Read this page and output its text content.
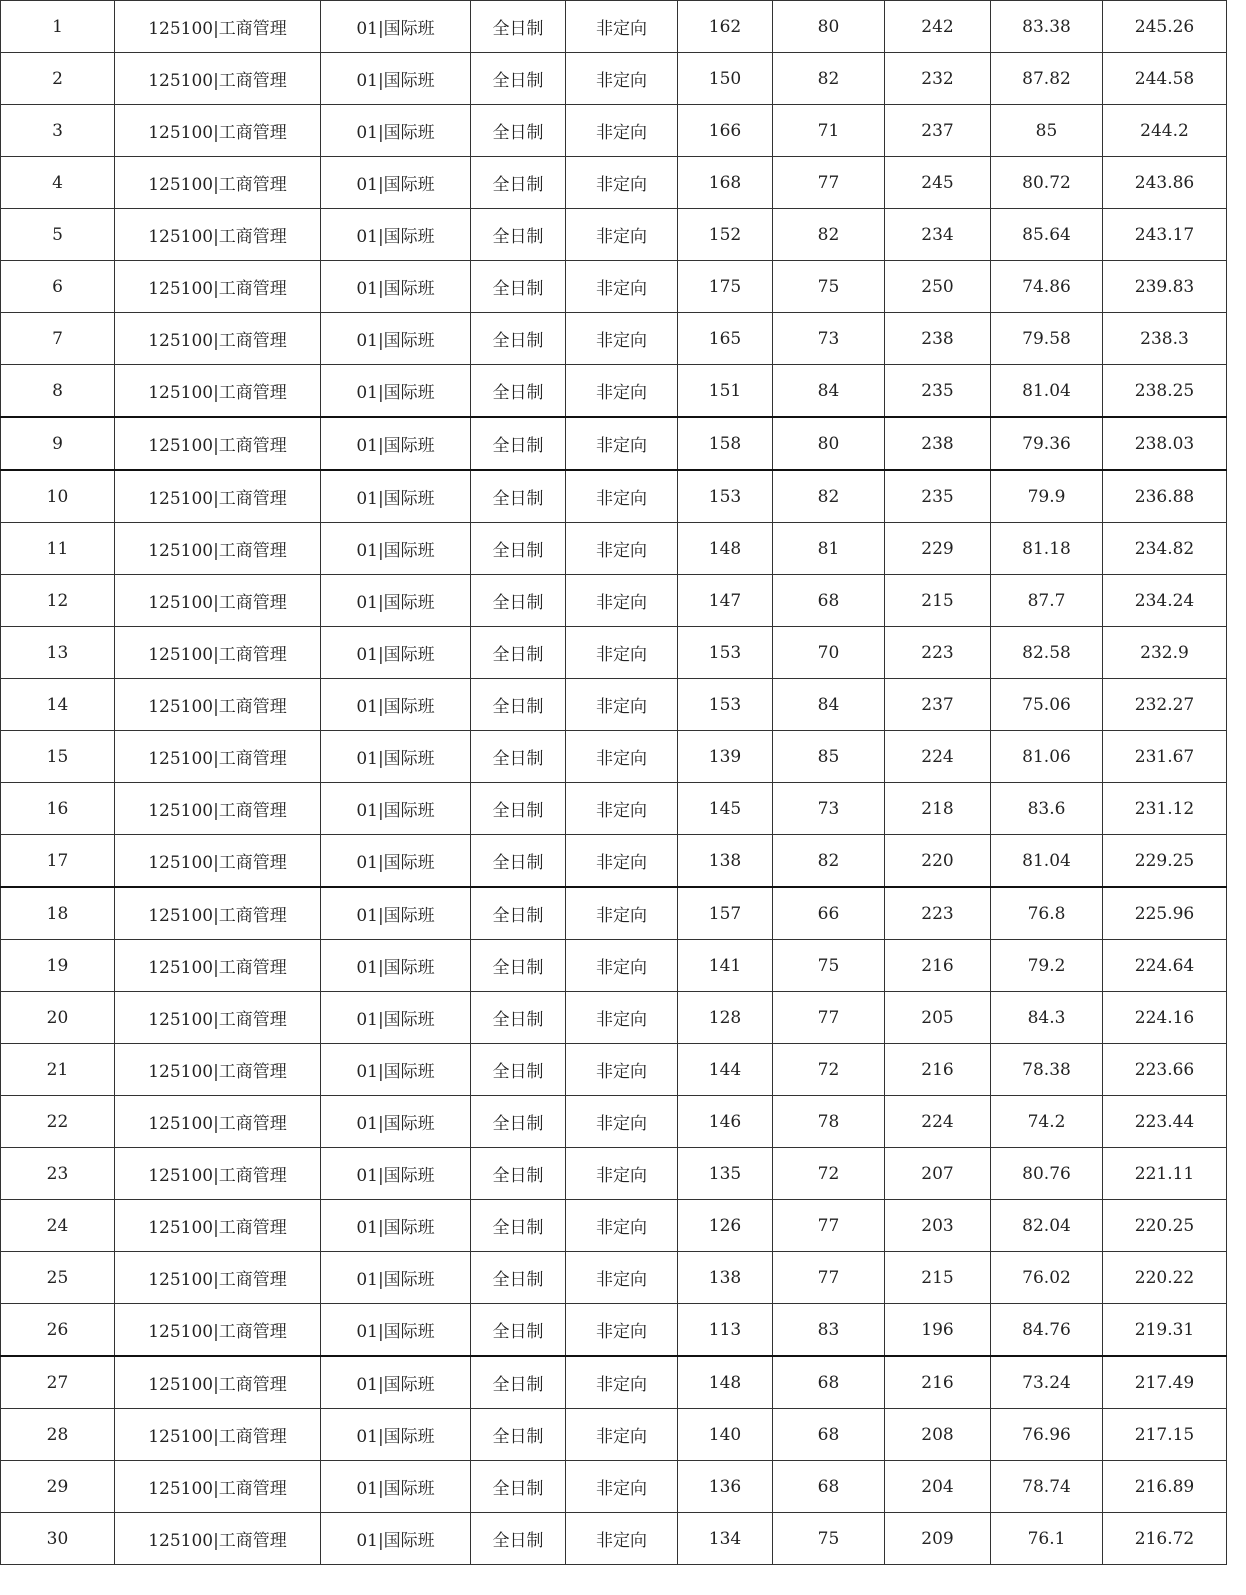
1	125100|工商管理	01|国际班	全日制	非定向	162	80	242	83.38	245.26
2	125100|工商管理	01|国际班	全日制	非定向	150	82	232	87.82	244.58
3	125100|工商管理	01|国际班	全日制	非定向	166	71	237	85	244.2
4	125100|工商管理	01|国际班	全日制	非定向	168	77	245	80.72	243.86
5	125100|工商管理	01|国际班	全日制	非定向	152	82	234	85.64	243.17
6	125100|工商管理	01|国际班	全日制	非定向	175	75	250	74.86	239.83
7	125100|工商管理	01|国际班	全日制	非定向	165	73	238	79.58	238.3
8	125100|工商管理	01|国际班	全日制	非定向	151	84	235	81.04	238.25
9	125100|工商管理	01|国际班	全日制	非定向	158	80	238	79.36	238.03
10	125100|工商管理	01|国际班	全日制	非定向	153	82	235	79.9	236.88
11	125100|工商管理	01|国际班	全日制	非定向	148	81	229	81.18	234.82
12	125100|工商管理	01|国际班	全日制	非定向	147	68	215	87.7	234.24
13	125100|工商管理	01|国际班	全日制	非定向	153	70	223	82.58	232.9
14	125100|工商管理	01|国际班	全日制	非定向	153	84	237	75.06	232.27
15	125100|工商管理	01|国际班	全日制	非定向	139	85	224	81.06	231.67
16	125100|工商管理	01|国际班	全日制	非定向	145	73	218	83.6	231.12
17	125100|工商管理	01|国际班	全日制	非定向	138	82	220	81.04	229.25
18	125100|工商管理	01|国际班	全日制	非定向	157	66	223	76.8	225.96
19	125100|工商管理	01|国际班	全日制	非定向	141	75	216	79.2	224.64
20	125100|工商管理	01|国际班	全日制	非定向	128	77	205	84.3	224.16
21	125100|工商管理	01|国际班	全日制	非定向	144	72	216	78.38	223.66
22	125100|工商管理	01|国际班	全日制	非定向	146	78	224	74.2	223.44
23	125100|工商管理	01|国际班	全日制	非定向	135	72	207	80.76	221.11
24	125100|工商管理	01|国际班	全日制	非定向	126	77	203	82.04	220.25
25	125100|工商管理	01|国际班	全日制	非定向	138	77	215	76.02	220.22
26	125100|工商管理	01|国际班	全日制	非定向	113	83	196	84.76	219.31
27	125100|工商管理	01|国际班	全日制	非定向	148	68	216	73.24	217.49
28	125100|工商管理	01|国际班	全日制	非定向	140	68	208	76.96	217.15
29	125100|工商管理	01|国际班	全日制	非定向	136	68	204	78.74	216.89
30	125100|工商管理	01|国际班	全日制	非定向	134	75	209	76.1	216.72
